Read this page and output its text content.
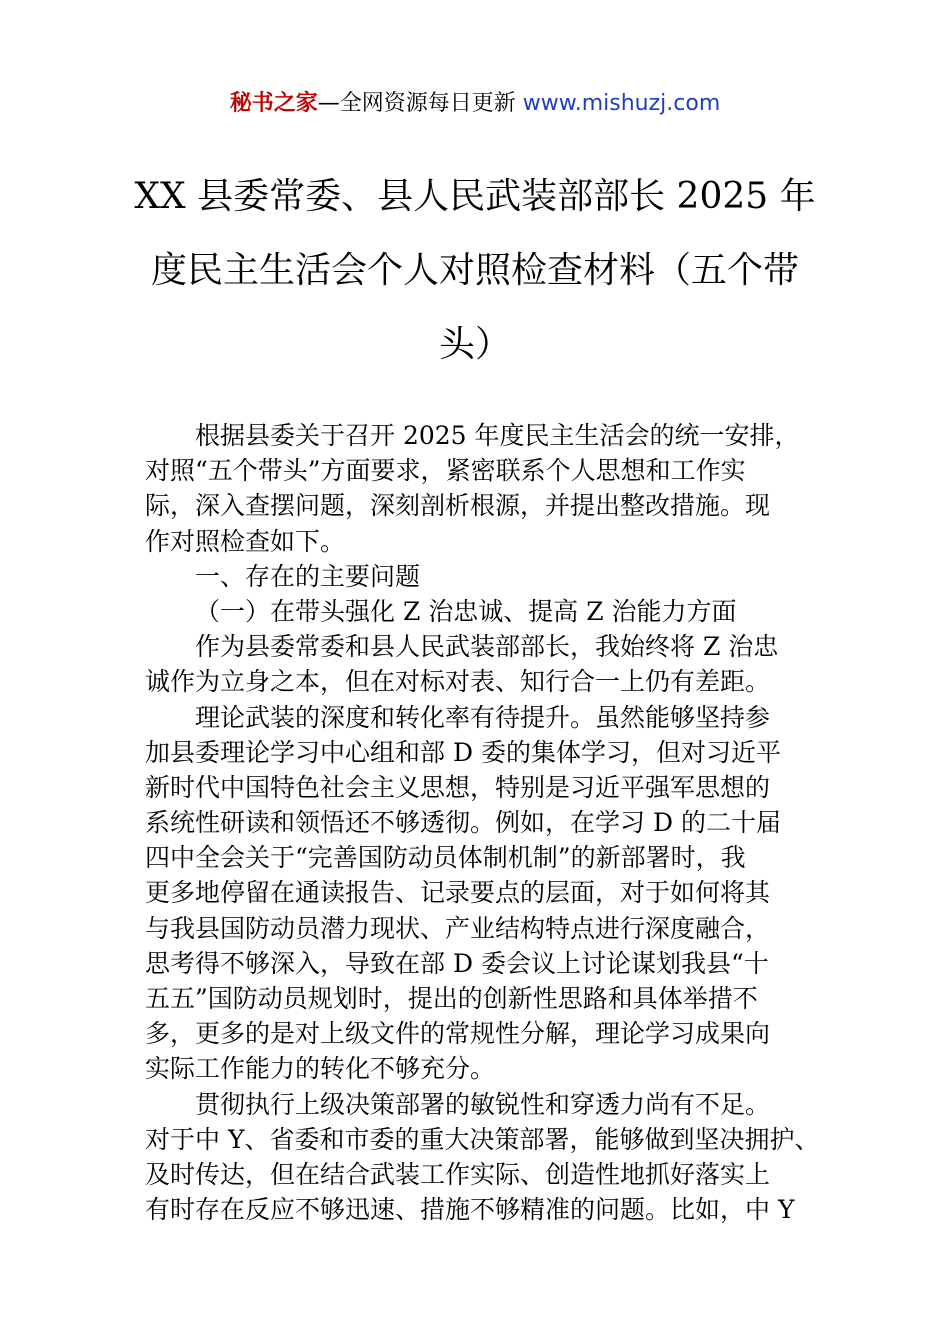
秘书之家—全网资源每日更新 www.mishuzj.com
XX 县委常委、县人民武装部部长 2025 年
度民主生活会个人对照检查材料（五个带
头）
根据县委关于召开 2025 年度民主生活会的统一安排，
对照“五个带头”方面要求，紧密联系个人思想和工作实
际，深入查摆问题，深刻剖析根源，并提出整改措施。现
作对照检查如下。
一、存在的主要问题
（一）在带头强化 Z 治忠诚、提高 Z 治能力方面
作为县委常委和县人民武装部部长，我始终将 Z 治忠
诚作为立身之本，但在对标对表、知行合一上仍有差距。
理论武装的深度和转化率有待提升。虽然能够坚持参
加县委理论学习中心组和部 D 委的集体学习，但对习近平
新时代中国特色社会主义思想，特别是习近平强军思想的
系统性研读和领悟还不够透彻。例如，在学习 D 的二十届
四中全会关于“完善国防动员体制机制”的新部署时，我
更多地停留在通读报告、记录要点的层面，对于如何将其
与我县国防动员潜力现状、产业结构特点进行深度融合，
思考得不够深入，导致在部 D 委会议上讨论谋划我县“十
五五”国防动员规划时，提出的创新性思路和具体举措不
多，更多的是对上级文件的常规性分解，理论学习成果向
实际工作能力的转化不够充分。
贯彻执行上级决策部署的敏锐性和穿透力尚有不足。
对于中 Y、省委和市委的重大决策部署，能够做到坚决拥护、
及时传达，但在结合武装工作实际、创造性地抓好落实上
有时存在反应不够迅速、措施不够精准的问题。比如，中 Y
